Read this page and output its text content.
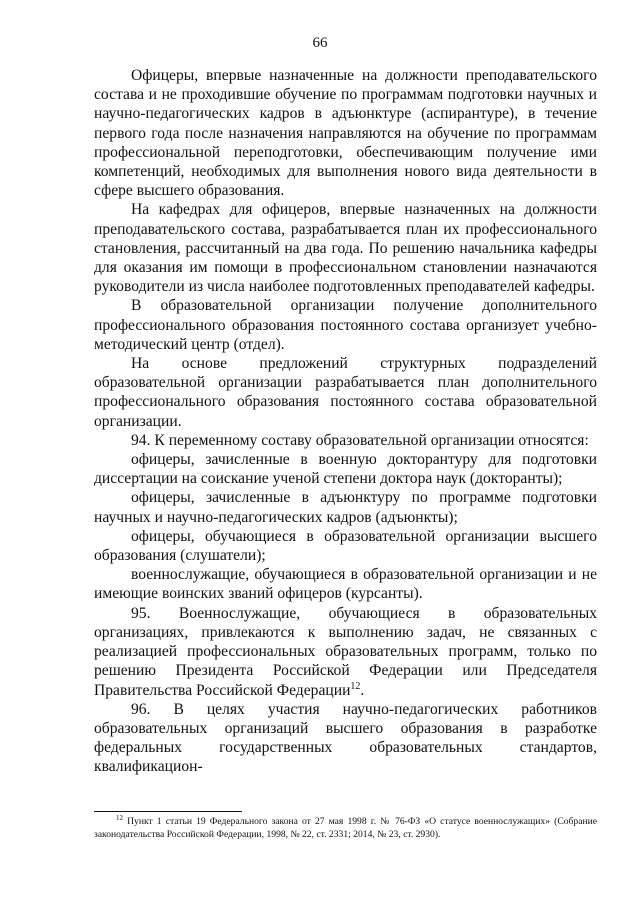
66

Офицеры, впервые назначенные на должности преподавательского состава и не проходившие обучение по программам подготовки научных и научно-педагогических кадров в адъюнктуре (аспирантуре), в течение первого года после назначения направляются на обучение по программам профессиональной переподготовки, обеспечивающим получение ими компетенций, необходимых для выполнения нового вида деятельности в сфере высшего образования.

На кафедрах для офицеров, впервые назначенных на должности преподавательского состава, разрабатывается план их профессионального становления, рассчитанный на два года. По решению начальника кафедры для оказания им помощи в профессиональном становлении назначаются руководители из числа наиболее подготовленных преподавателей кафедры.

В образовательной организации получение дополнительного профессионального образования постоянного состава организует учебно-методический центр (отдел).

На основе предложений структурных подразделений образовательной организации разрабатывается план дополнительного профессионального образования постоянного состава образовательной организации.

94. К переменному составу образовательной организации относятся:

офицеры, зачисленные в военную докторантуру для подготовки диссертации на соискание ученой степени доктора наук (докторанты);

офицеры, зачисленные в адъюнктуру по программе подготовки научных и научно-педагогических кадров (адъюнкты);

офицеры, обучающиеся в образовательной организации высшего образования (слушатели);

военнослужащие, обучающиеся в образовательной организации и не имеющие воинских званий офицеров (курсанты).

95. Военнослужащие, обучающиеся в образовательных организациях, привлекаются к выполнению задач, не связанных с реализацией профессиональных образовательных программ, только по решению Президента Российской Федерации или Председателя Правительства Российской Федерации$^{12}$.

96. В целях участия научно-педагогических работников образовательных организаций высшего образования в разработке федеральных государственных образовательных стандартов, квалификацион-

$^{12}$ Пункт 1 статьи 19 Федерального закона от 27 мая 1998 г. № 76-ФЗ «О статусе военнослужащих» (Собрание законодательства Российской Федерации, 1998, № 22, ст. 2331; 2014, № 23, ст. 2930).
